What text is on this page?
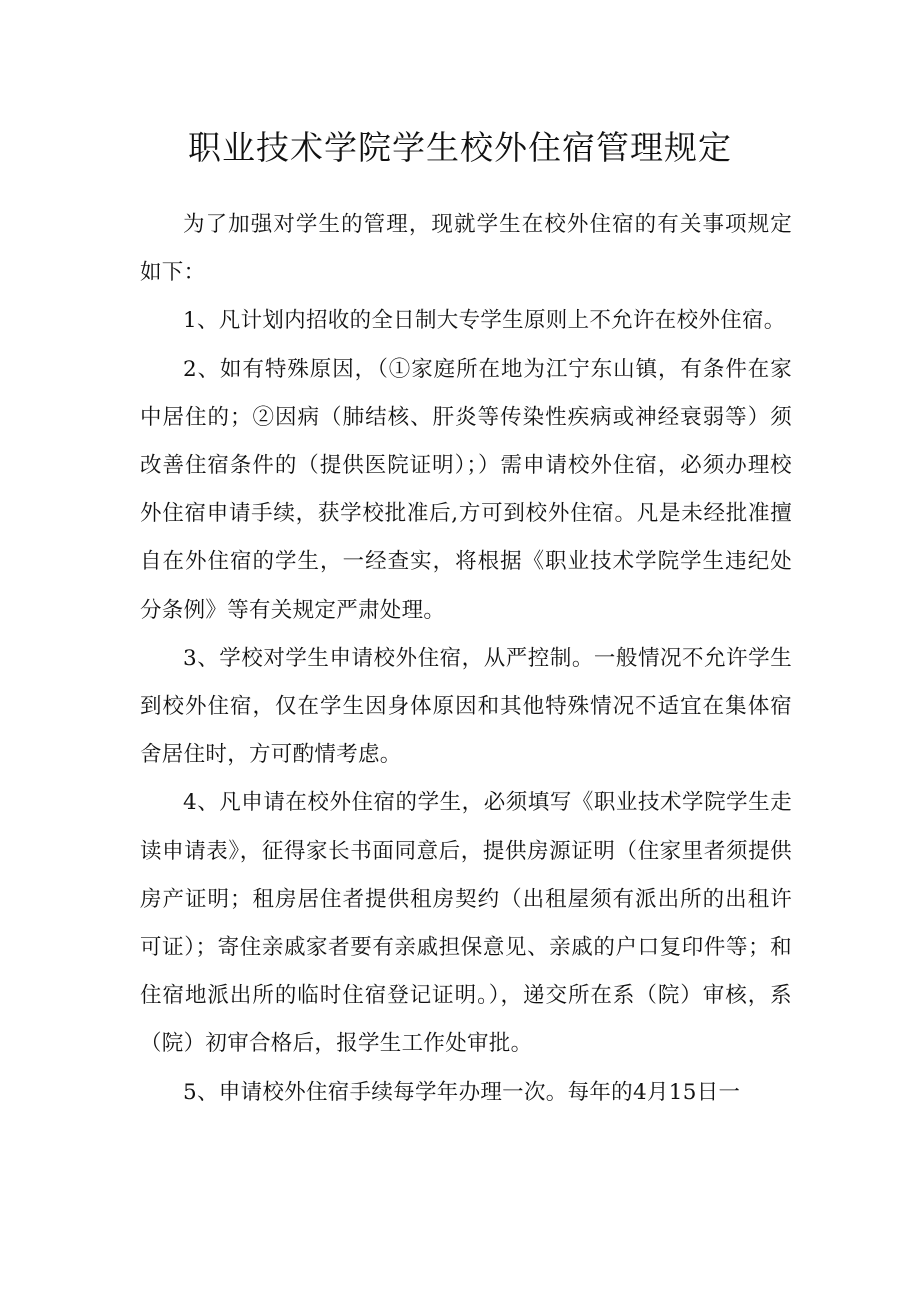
职业技术学院学生校外住宿管理规定

为了加强对学生的管理，现就学生在校外住宿的有关事项规定如下：

1、凡计划内招收的全日制大专学生原则上不允许在校外住宿。

2、如有特殊原因，（①家庭所在地为江宁东山镇，有条件在家中居住的；②因病（肺结核、肝炎等传染性疾病或神经衰弱等）须改善住宿条件的（提供医院证明）；）需申请校外住宿，必须办理校外住宿申请手续，获学校批准后,方可到校外住宿。凡是未经批准擅自在外住宿的学生，一经查实，将根据《职业技术学院学生违纪处分条例》等有关规定严肃处理。

3、学校对学生申请校外住宿，从严控制。一般情况不允许学生到校外住宿，仅在学生因身体原因和其他特殊情况不适宜在集体宿舍居住时，方可酌情考虑。

4、凡申请在校外住宿的学生，必须填写《职业技术学院学生走读申请表》，征得家长书面同意后，提供房源证明（住家里者须提供房产证明；租房居住者提供租房契约（出租屋须有派出所的出租许可证）；寄住亲戚家者要有亲戚担保意见、亲戚的户口复印件等；和住宿地派出所的临时住宿登记证明。），递交所在系（院）审核，系（院）初审合格后，报学生工作处审批。

5、申请校外住宿手续每学年办理一次。每年的4月15日一
